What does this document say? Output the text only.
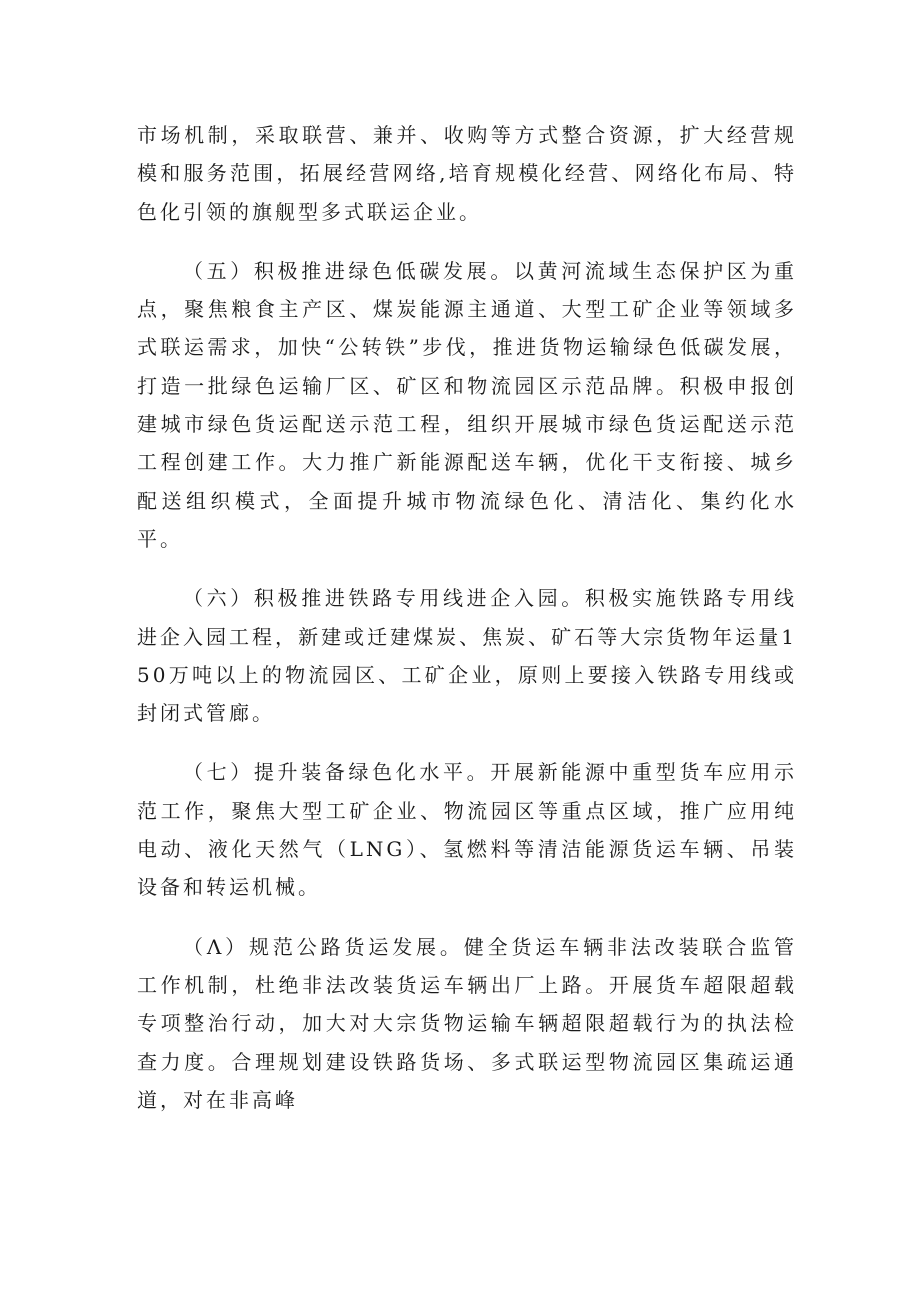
市场机制，采取联营、兼并、收购等方式整合资源，扩大经营规模和服务范围，拓展经营网络,培育规模化经营、网络化布局、特色化引领的旗舰型多式联运企业。

（五）积极推进绿色低碳发展。以黄河流域生态保护区为重点，聚焦粮食主产区、煤炭能源主通道、大型工矿企业等领域多式联运需求，加快“公转铁”步伐，推进货物运输绿色低碳发展，打造一批绿色运输厂区、矿区和物流园区示范品牌。积极申报创建城市绿色货运配送示范工程，组织开展城市绿色货运配送示范工程创建工作。大力推广新能源配送车辆，优化干支衔接、城乡配送组织模式，全面提升城市物流绿色化、清洁化、集约化水平。

（六）积极推进铁路专用线进企入园。积极实施铁路专用线进企入园工程，新建或迁建煤炭、焦炭、矿石等大宗货物年运量150万吨以上的物流园区、工矿企业，原则上要接入铁路专用线或封闭式管廊。

（七）提升装备绿色化水平。开展新能源中重型货车应用示范工作，聚焦大型工矿企业、物流园区等重点区域，推广应用纯电动、液化天然气（LNG）、氢燃料等清洁能源货运车辆、吊装设备和转运机械。

（Λ）规范公路货运发展。健全货运车辆非法改装联合监管工作机制，杜绝非法改装货运车辆出厂上路。开展货车超限超载专项整治行动，加大对大宗货物运输车辆超限超载行为的执法检查力度。合理规划建设铁路货场、多式联运型物流园区集疏运通道，对在非高峰
